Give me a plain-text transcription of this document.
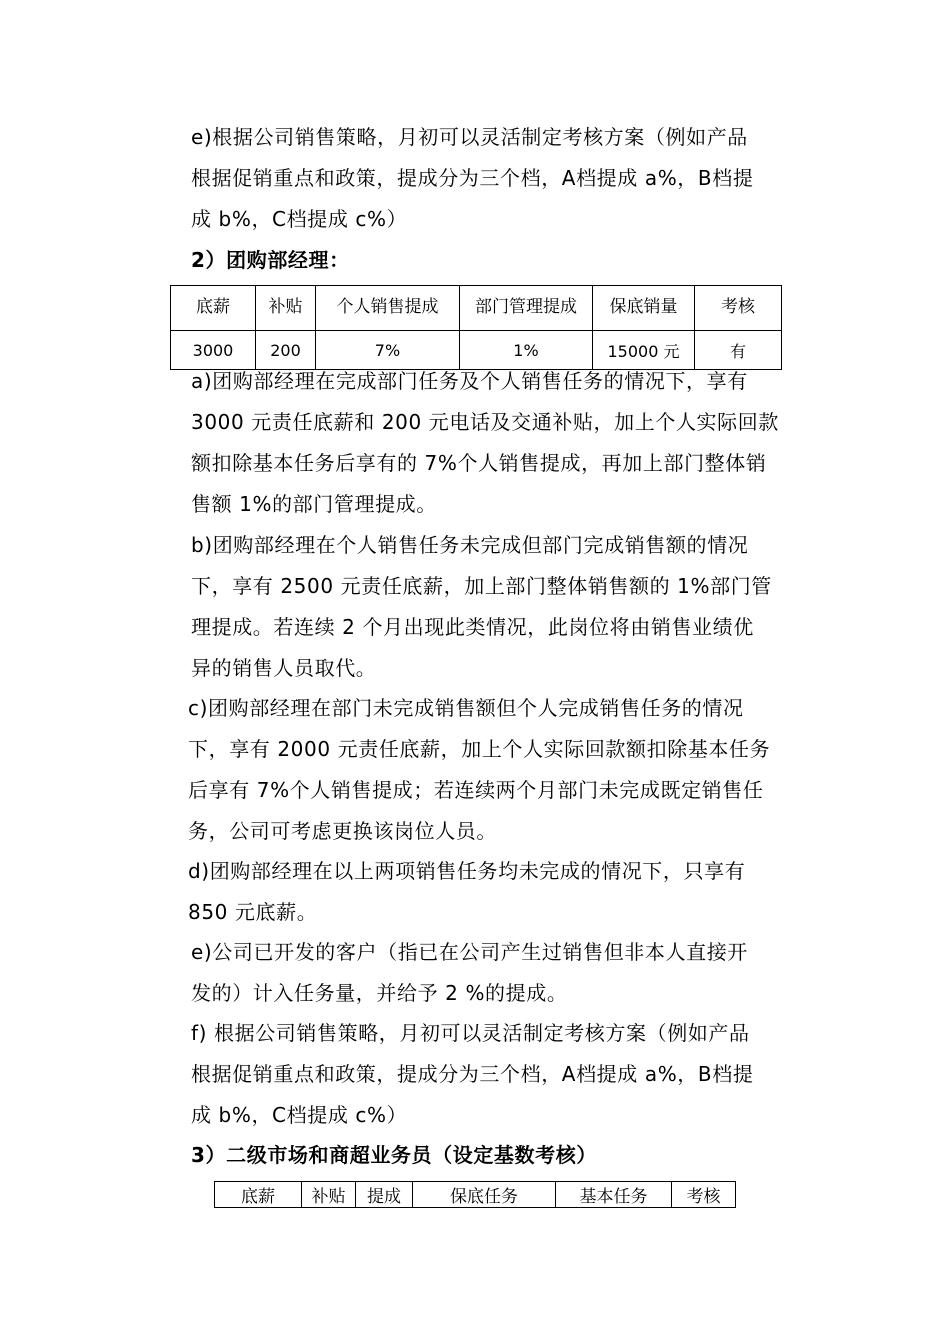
e)根据公司销售策略，月初可以灵活制定考核方案（例如产品
根据促销重点和政策，提成分为三个档，A档提成 a%，B档提
成 b%，C档提成 c%）
2）团购部经理：
底薪	补贴	个人销售提成	部门管理提成	保底销量	考核
3000	200	7%	1%	15000 元	有
a)团购部经理在完成部门任务及个人销售任务的情况下，享有
3000 元责任底薪和 200 元电话及交通补贴，加上个人实际回款
额扣除基本任务后享有的 7%个人销售提成，再加上部门整体销
售额 1%的部门管理提成。
b)团购部经理在个人销售任务未完成但部门完成销售额的情况
下，享有 2500 元责任底薪，加上部门整体销售额的 1%部门管
理提成。若连续 2 个月出现此类情况，此岗位将由销售业绩优
异的销售人员取代。
c)团购部经理在部门未完成销售额但个人完成销售任务的情况
下，享有 2000 元责任底薪，加上个人实际回款额扣除基本任务
后享有 7%个人销售提成；若连续两个月部门未完成既定销售任
务，公司可考虑更换该岗位人员。
d)团购部经理在以上两项销售任务均未完成的情况下，只享有
850 元底薪。
e)公司已开发的客户（指已在公司产生过销售但非本人直接开
发的）计入任务量，并给予 2 %的提成。
f) 根据公司销售策略，月初可以灵活制定考核方案（例如产品
根据促销重点和政策，提成分为三个档，A档提成 a%，B档提
成 b%，C档提成 c%）
3）二级市场和商超业务员（设定基数考核）
底薪	补贴	提成	保底任务	基本任务	考核
